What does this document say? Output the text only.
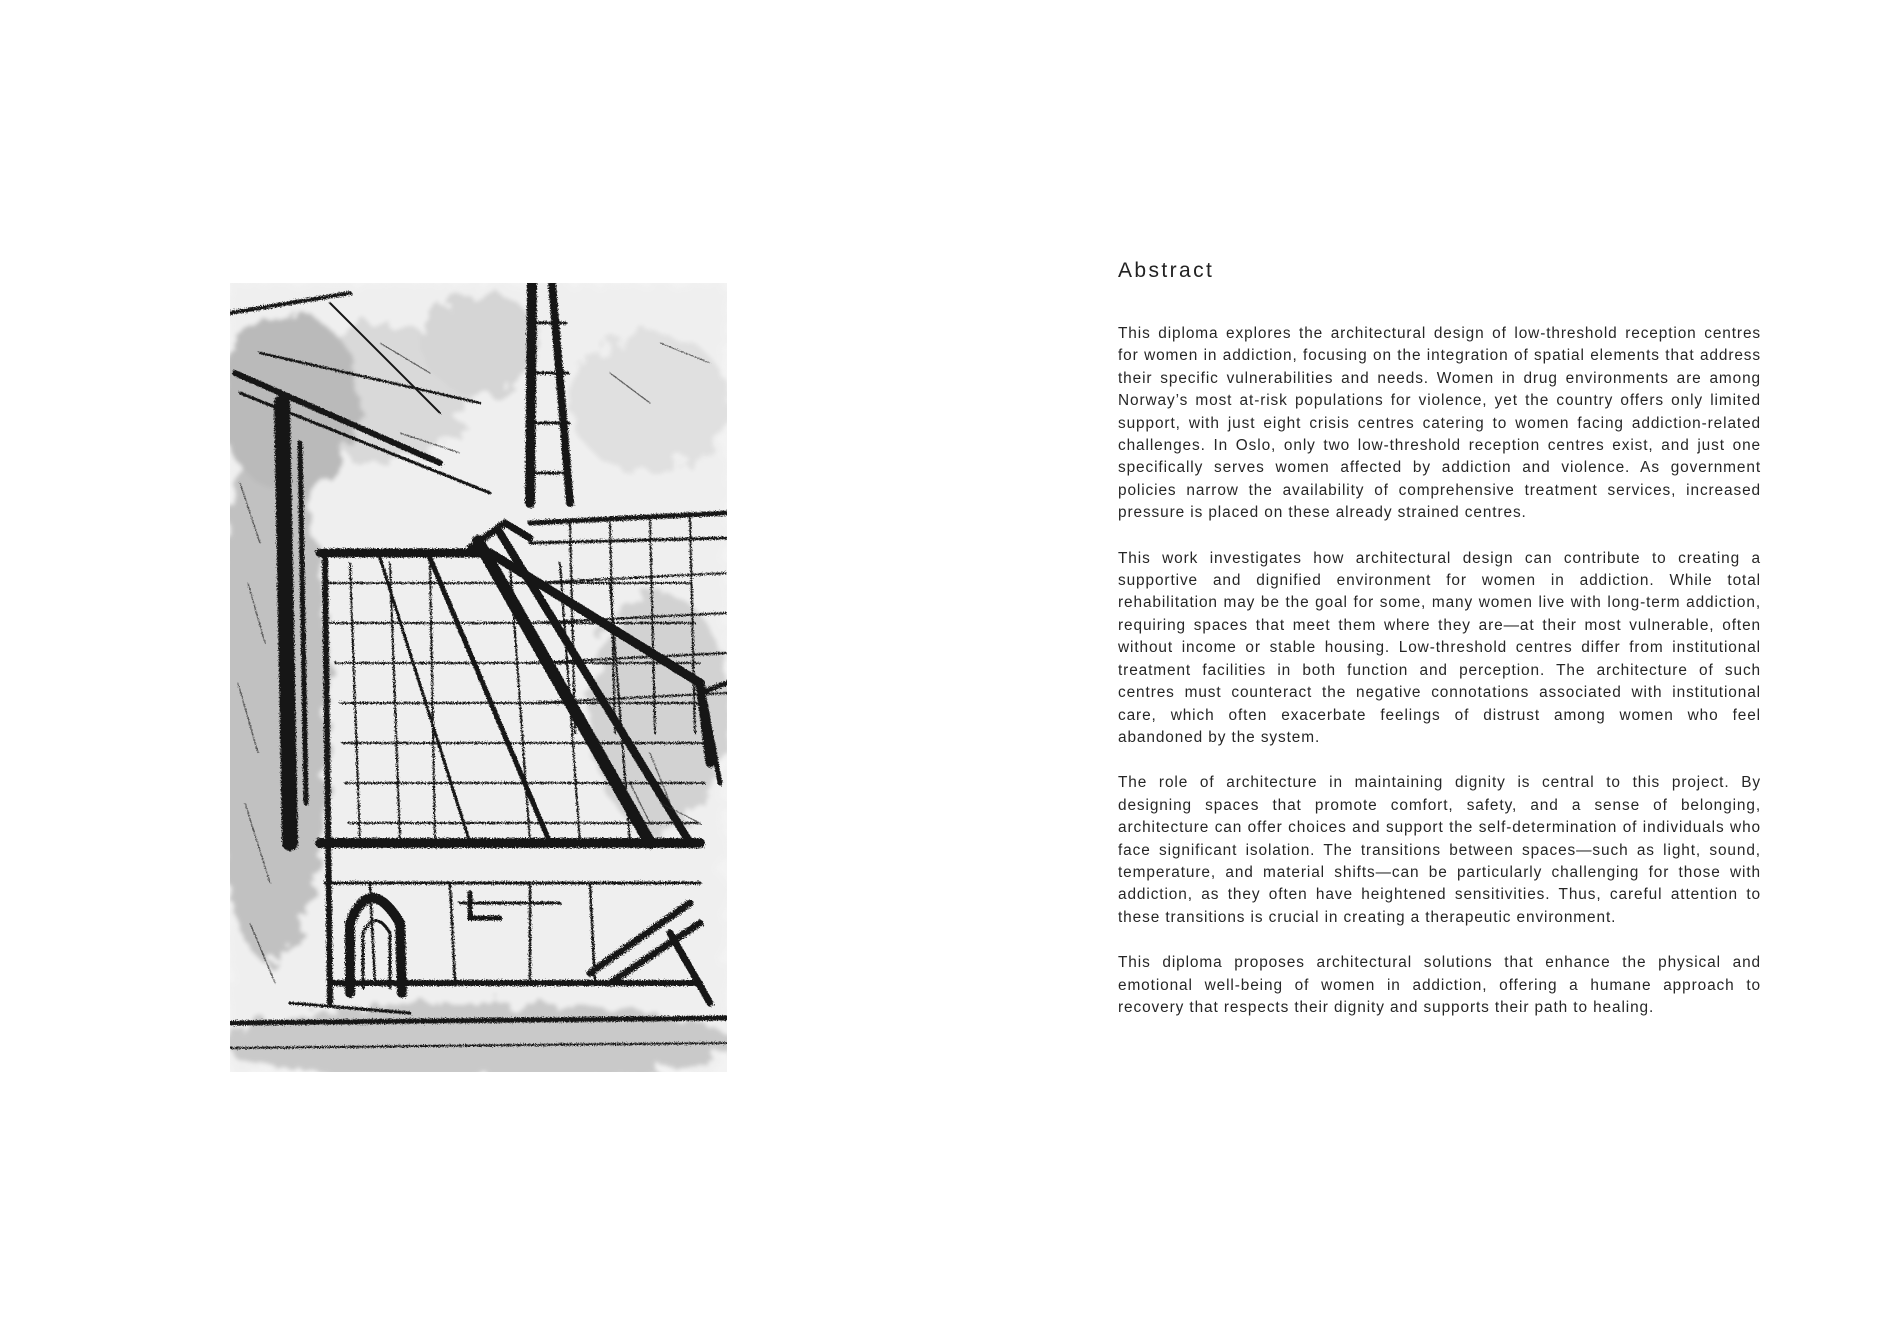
Abstract

This diploma explores the architectural design of low-threshold reception centres for women in addiction, focusing on the integration of spatial elements that address their specific vulnerabilities and needs. Women in drug environments are among Norway’s most at-risk populations for violence, yet the country offers only limited support, with just eight crisis centres catering to women facing addiction-related challenges. In Oslo, only two low-threshold reception centres exist, and just one specifically serves women affected by addiction and violence. As government policies narrow the availability of comprehensive treatment services, increased pressure is placed on these already strained centres.

This work investigates how architectural design can contribute to creating a supportive and dignified environment for women in addiction. While total rehabilitation may be the goal for some, many women live with long-term addiction, requiring spaces that meet them where they are—at their most vulnerable, often without income or stable housing. Low-threshold centres differ from institutional treatment facilities in both function and perception. The architecture of such centres must counteract the negative connotations associated with institutional care, which often exacerbate feelings of distrust among women who feel abandoned by the system.

The role of architecture in maintaining dignity is central to this project. By designing spaces that promote comfort, safety, and a sense of belonging, architecture can offer choices and support the self-determination of individuals who face significant isolation. The transitions between spaces—such as light, sound, temperature, and material shifts—can be particularly challenging for those with addiction, as they often have heightened sensitivities. Thus, careful attention to these transitions is crucial in creating a therapeutic environment.

This diploma proposes architectural solutions that enhance the physical and emotional well-being of women in addiction, offering a humane approach to recovery that respects their dignity and supports their path to healing.
